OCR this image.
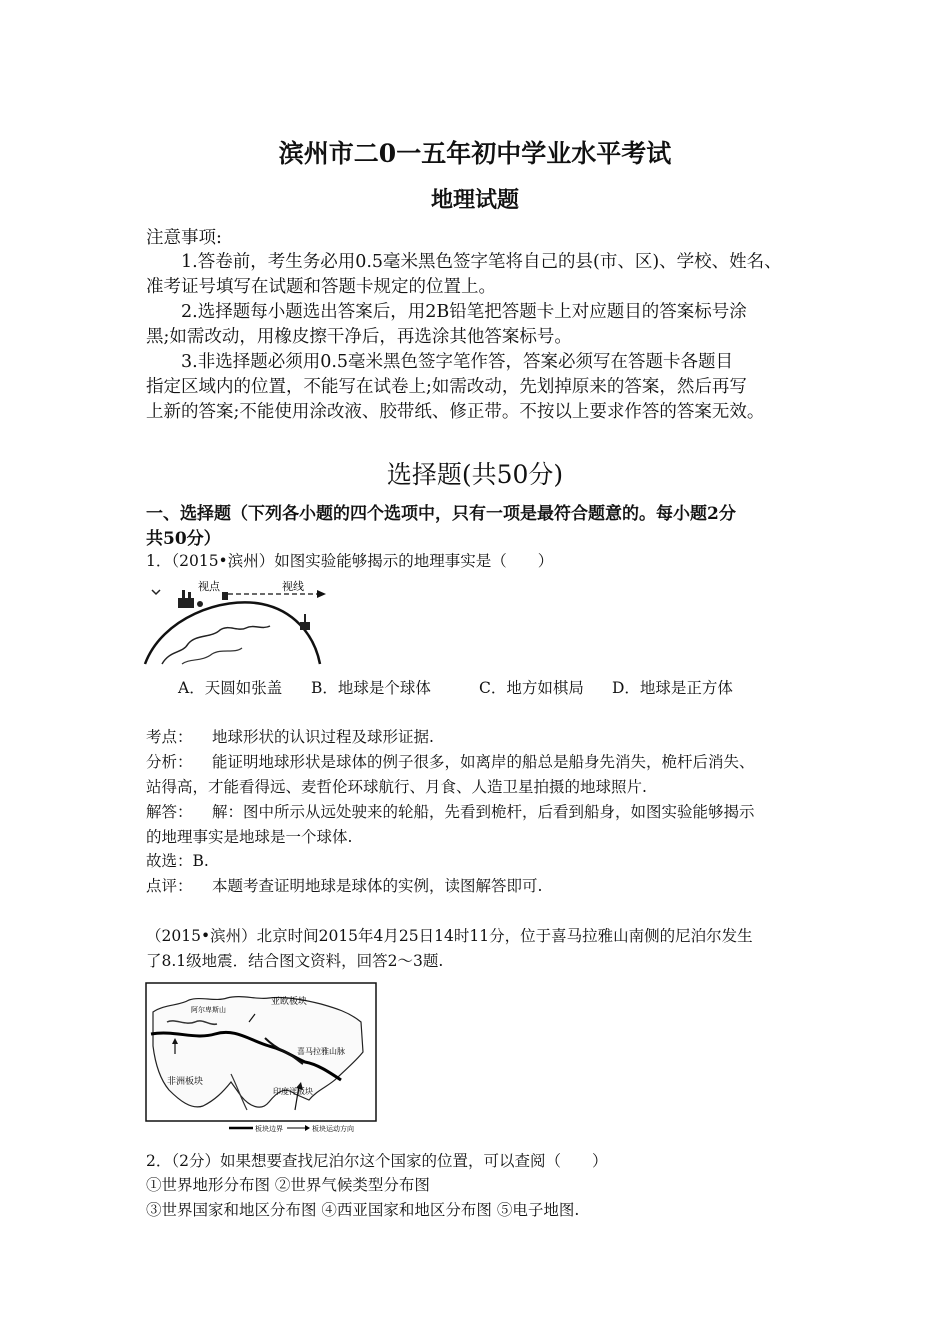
滨州市二0一五年初中学业水平考试
地理试题
注意事项:
1.答卷前，考生务必用0.5毫米黑色签字笔将自己的县(市、区)、学校、姓名、
准考证号填写在试题和答题卡规定的位置上。
2.选择题每小题选出答案后，用2B铅笔把答题卡上对应题目的答案标号涂
黑;如需改动，用橡皮擦干净后，再选涂其他答案标号。
3.非选择题必须用0.5毫米黑色签字笔作答，答案必须写在答题卡各题目
指定区域内的位置，不能写在试卷上;如需改动，先划掉原来的答案，然后再写
上新的答案;不能使用涂改液、胶带纸、修正带。不按以上要求作答的答案无效。
选择题(共50分)
一、选择题（下列各小题的四个选项中，只有一项是最符合题意的。每小题2分
共50分）
1．（2015•滨州）如图实验能够揭示的地理事实是（　　）
视点	视线
A．天圆如张盖 B．地球是个球体	C．地方如棋局 D．地球是正方体
考点： 地球形状的认识过程及球形证据.
分析： 能证明地球形状是球体的例子很多，如离岸的船总是船身先消失，桅杆后消失、
站得高，才能看得远、麦哲伦环球航行、月食、人造卫星拍摄的地球照片.
解答： 解：图中所示从远处驶来的轮船，先看到桅杆，后看到船身，如图实验能够揭示
的地理事实是地球是一个球体.
故选：B.
点评： 本题考查证明地球是球体的实例，读图解答即可.
（2015•滨州）北京时间2015年4月25日14时11分，位于喜马拉雅山南侧的尼泊尔发生
了8.1级地震．结合图文资料，回答2～3题.
亚欧板块
非洲板块
印度洋板块
喜马拉雅山脉
阿尔卑斯山
板块边界	板块运动方向
2．（2分）如果想要查找尼泊尔这个国家的位置，可以查阅（　　）
①世界地形分布图 ②世界气候类型分布图
③世界国家和地区分布图 ④西亚国家和地区分布图 ⑤电子地图.
